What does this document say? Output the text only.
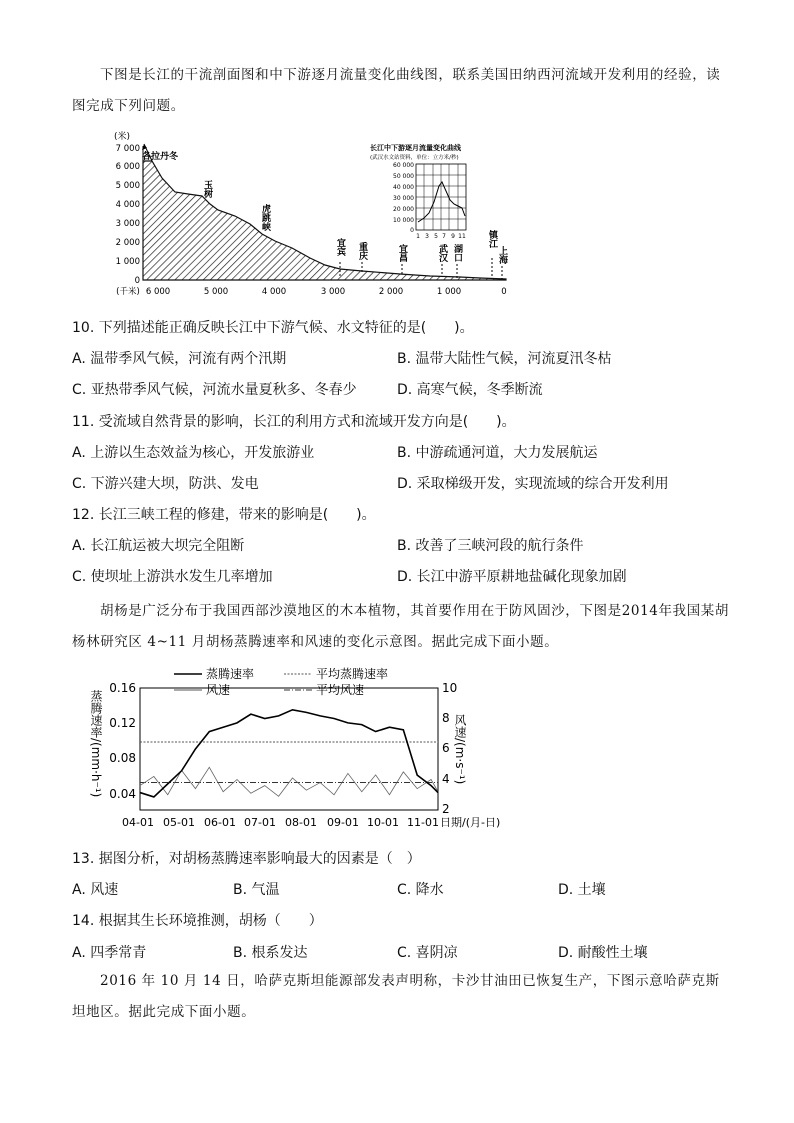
下图是长江的干流剖面图和中下游逐月流量变化曲线图，联系美国田纳西河流域开发利用的经验，读图完成下列问题。

(米)
7 000
6 000
5 000
4 000
3 000
2 000
1 000
0
各拉丹冬
玉树
虎跳峡
宜宾 重庆	宜昌	武汉 湖口
镇江
上海
(千米) 6 000	5 000	4 000	3 000	2 000	1 000	0
长江中下游逐月流量变化曲线
(武汉水文站资料，单位：立方米/秒)
60 000
50 000
40 000
30 000
20 000
10 000
0
1 3 5 7 9 11
10. 下列描述能正确反映长江中下游气候、水文特征的是(　　)。
A. 温带季风气候，河流有两个汛期	B. 温带大陆性气候，河流夏汛冬枯
C. 亚热带季风气候，河流水量夏秋多、冬春少	D. 高寒气候，冬季断流
11. 受流域自然背景的影响，长江的利用方式和流域开发方向是(　　)。
A. 上游以生态效益为核心，开发旅游业	B. 中游疏通河道，大力发展航运
C. 下游兴建大坝，防洪、发电	D. 采取梯级开发，实现流域的综合开发利用
12. 长江三峡工程的修建，带来的影响是(　　)。
A. 长江航运被大坝完全阻断	B. 改善了三峡河段的航行条件
C. 使坝址上游洪水发生几率增加	D. 长江中游平原耕地盐碱化现象加剧

胡杨是广泛分布于我国西部沙漠地区的木本植物，其首要作用在于防风固沙，下图是2014年我国某胡杨林研究区 4~11 月胡杨蒸腾速率和风速的变化示意图。据此完成下面小题。

蒸腾速率	平均蒸腾速率
风速	平均风速
蒸腾速率/(mm·h⁻¹)	风速/(m·s⁻¹)
0.16
0.12
0.08
0.04
10
8
6
4
2
04-01 05-01 06-01 07-01 08-01 09-01 10-01 11-01 日期/(月-日)
13. 据图分析，对胡杨蒸腾速率影响最大的因素是（　）
A. 风速	B. 气温	C. 降水	D. 土壤
14. 根据其生长环境推测，胡杨（　　）
A. 四季常青	B. 根系发达	C. 喜阴凉	D. 耐酸性土壤

2016 年 10 月 14 日，哈萨克斯坦能源部发表声明称，卡沙甘油田已恢复生产，下图示意哈萨克斯坦地区。据此完成下面小题。
